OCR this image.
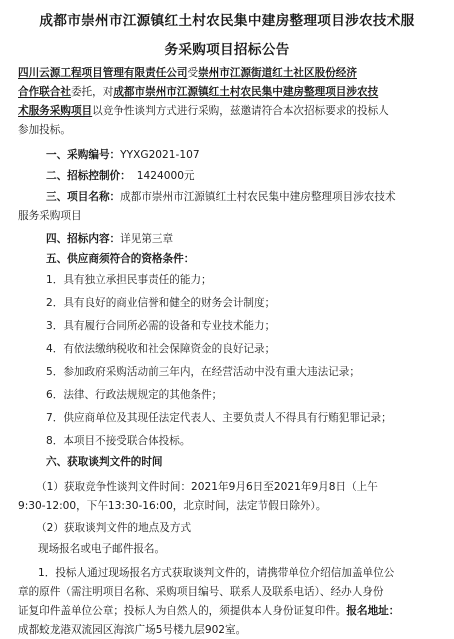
成都市崇州市江源镇红土村农民集中建房整理项目涉农技术服
务采购项目招标公告
四川云源工程项目管理有限责任公司受崇州市江源街道红土社区股份经济
合作联合社委托，对成都市崇州市江源镇红土村农民集中建房整理项目涉农技
术服务采购项目以竞争性谈判方式进行采购，兹邀请符合本次招标要求的投标人
参加投标。
一、采购编号：YYXG2021-107
二、招标控制价： 1424000元
三、项目名称：成都市崇州市江源镇红土村农民集中建房整理项目涉农技术
服务采购项目
四、招标内容：详见第三章
五、供应商须符合的资格条件：
1．具有独立承担民事责任的能力；
2．具有良好的商业信誉和健全的财务会计制度；
3．具有履行合同所必需的设备和专业技术能力；
4．有依法缴纳税收和社会保障资金的良好记录；
5．参加政府采购活动前三年内，在经营活动中没有重大违法记录；
6．法律、行政法规规定的其他条件；
7．供应商单位及其现任法定代表人、主要负责人不得具有行贿犯罪记录；
8．本项目不接受联合体投标。
六、获取谈判文件的时间
（1）获取竞争性谈判文件时间：2021年9月6日至2021年9月8日（上午
9:30-12:00，下午13:30-16:00，北京时间，法定节假日除外）。
（2）获取谈判文件的地点及方式
现场报名或电子邮件报名。
1．投标人通过现场报名方式获取谈判文件的，请携带单位介绍信加盖单位公
章的原件（需注明项目名称、采购项目编号、联系人及联系电话）、经办人身份
证复印件盖单位公章；投标人为自然人的，须提供本人身份证复印件。报名地址：
成都蛟龙港双流园区海滨广场5号楼九层902室。
